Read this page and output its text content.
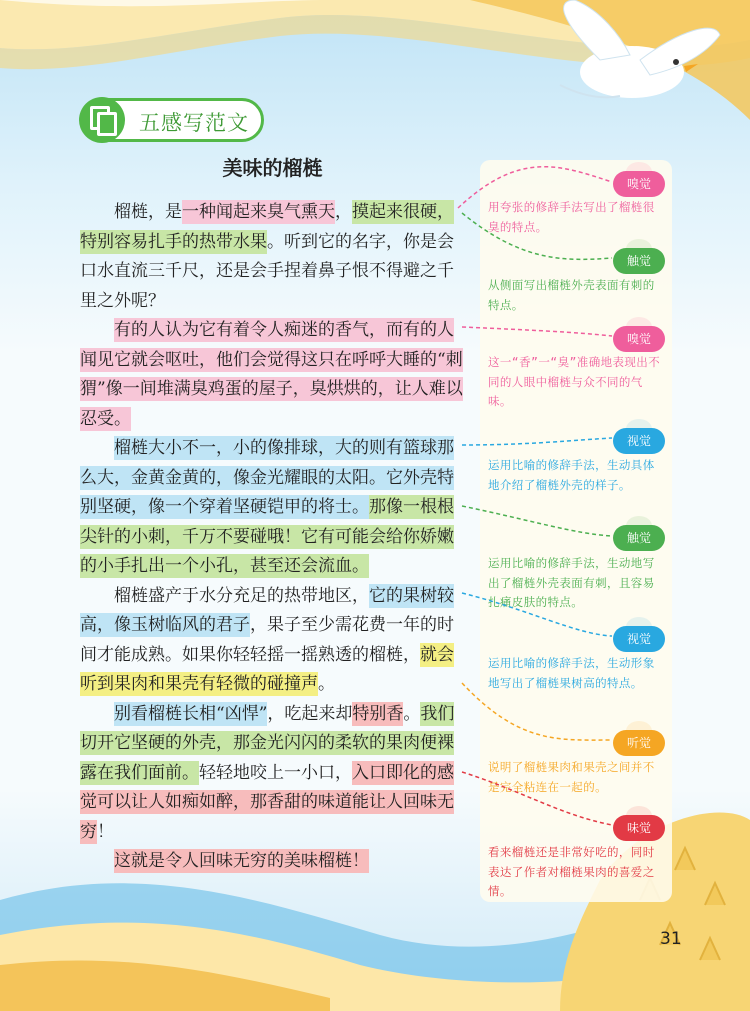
五感写范文
美味的榴梿

榴梿，是一种闻起来臭气熏天，摸起来很硬，特别容易扎手的热带水果。听到它的名字，你是会口水直流三千尺，还是会手捏着鼻子恨不得避之千里之外呢？

有的人认为它有着令人痴迷的香气，而有的人闻见它就会呕吐，他们会觉得这只在呼呼大睡的“刺猬”像一间堆满臭鸡蛋的屋子，臭烘烘的，让人难以忍受。

榴梿大小不一，小的像排球，大的则有篮球那么大，金黄金黄的，像金光耀眼的太阳。它外壳特别坚硬，像一个穿着坚硬铠甲的将士。那像一根根尖针的小刺，千万不要碰哦！它有可能会给你娇嫩的小手扎出一个小孔，甚至还会流血。

榴梿盛产于水分充足的热带地区，它的果树较高，像玉树临风的君子，果子至少需花费一年的时间才能成熟。如果你轻轻摇一摇熟透的榴梿，就会听到果肉和果壳有轻微的碰撞声。

别看榴梿长相“凶悍”，吃起来却特别香。我们切开它坚硬的外壳，那金光闪闪的柔软的果肉便裸露在我们面前。轻轻地咬上一小口，入口即化的感觉可以让人如痴如醉，那香甜的味道能让人回味无穷！

这就是令人回味无穷的美味榴梿！

嗅觉
用夸张的修辞手法写出了榴梿很臭的特点。
触觉
从侧面写出榴梿外壳表面有刺的特点。
嗅觉
这一“香”一“臭”准确地表现出不同的人眼中榴梿与众不同的气味。
视觉
运用比喻的修辞手法，生动具体地介绍了榴梿外壳的样子。
触觉
运用比喻的修辞手法，生动地写出了榴梿外壳表面有刺，且容易扎痛皮肤的特点。
视觉
运用比喻的修辞手法，生动形象地写出了榴梿果树高的特点。
听觉
说明了榴梿果肉和果壳之间并不是完全粘连在一起的。
味觉
看来榴梿还是非常好吃的，同时表达了作者对榴梿果肉的喜爱之情。
31
